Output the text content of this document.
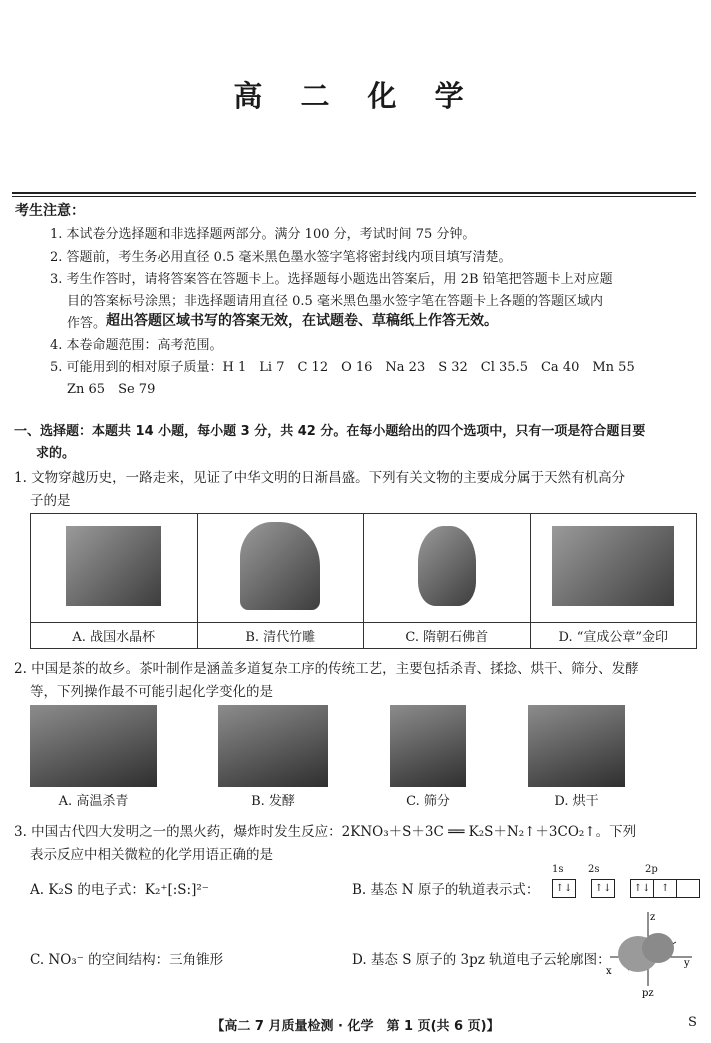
高 二 化 学
考生注意：
1. 本试卷分选择题和非选择题两部分。满分 100 分，考试时间 75 分钟。
2. 答题前，考生务必用直径 0.5 毫米黑色墨水签字笔将密封线内项目填写清楚。
3. 考生作答时，请将答案答在答题卡上。选择题每小题选出答案后，用 2B 铅笔把答题卡上对应题
目的答案标号涂黑；非选择题请用直径 0.5 毫米黑色墨水签字笔在答题卡上各题的答题区域内
作答。 超出答题区域书写的答案无效，在试题卷、草稿纸上作答无效。
4. 本卷命题范围：高考范围。
5. 可能用到的相对原子质量：H 1　Li 7　C 12　O 16　Na 23　S 32　Cl 35.5　Ca 40　Mn 55
Zn 65　Se 79
一、选择题：本题共 14 小题，每小题 3 分，共 42 分。在每小题给出的四个选项中，只有一项是符合题目要
求的。
1. 文物穿越历史，一路走来，见证了中华文明的日渐昌盛。下列有关文物的主要成分属于天然有机高分
子的是

A. 战国水晶杯	B. 清代竹雕	C. 隋朝石佛首	D. “宣成公章”金印
2. 中国是茶的故乡。茶叶制作是涵盖多道复杂工序的传统工艺，主要包括杀青、揉捻、烘干、筛分、发酵
等，下列操作最不可能引起化学变化的是
A. 高温杀青	B. 发酵	C. 筛分	D. 烘干
3. 中国古代四大发明之一的黑火药，爆炸时发生反应：2KNO₃＋S＋3C ══ K₂S＋N₂↑＋3CO₂↑。下列
表示反应中相关微粒的化学用语正确的是
A. K₂S 的电子式：K₂⁺[:S:]²⁻	B. 基态 N 原子的轨道表示式：
1s 2s	2p
↑↓ ↑↓ ↑↓ ↑
C. NO₃⁻ 的空间结构：三角锥形	D. 基态 S 原子的 3pz 轨道电子云轮廓图：
z
y
x
pz
【高二 7 月质量检测 · 化学　第 1 页(共 6 页)】	S
